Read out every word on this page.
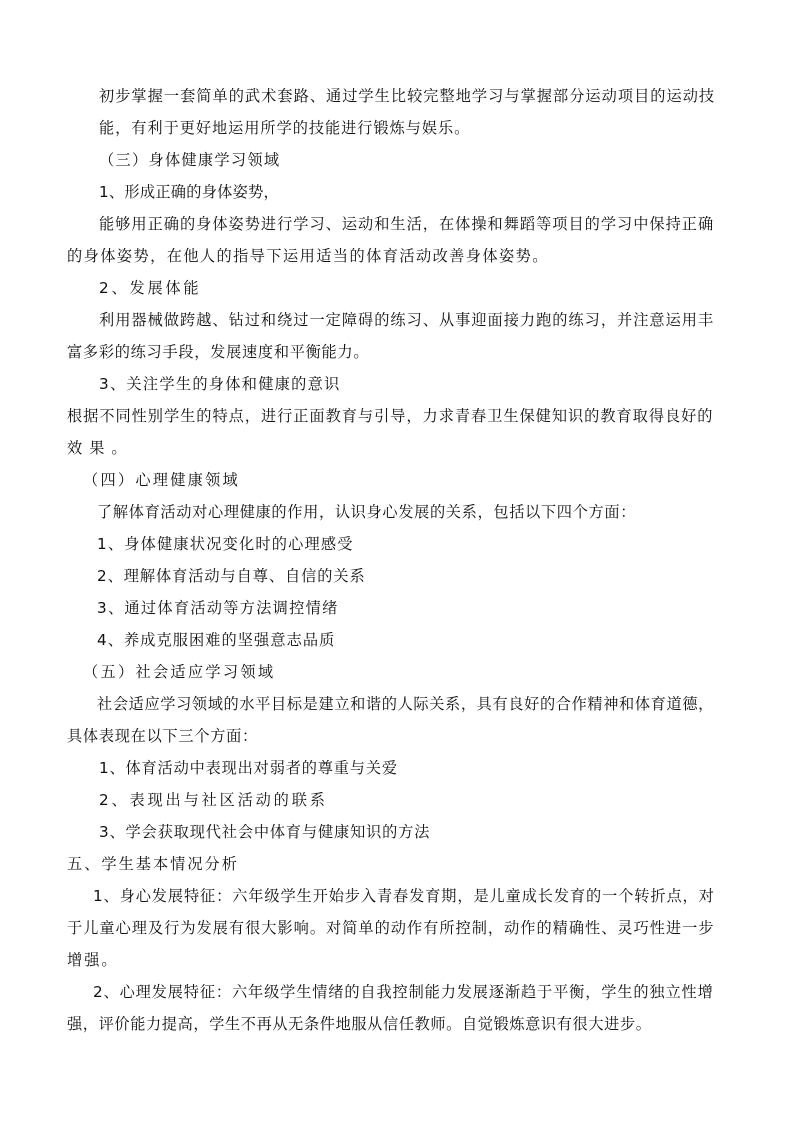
初步掌握一套简单的武术套路、通过学生比较完整地学习与掌握部分运动项目的运动技
能，有利于更好地运用所学的技能进行锻炼与娱乐。
（三）身体健康学习领域
1、形成正确的身体姿势，
能够用正确的身体姿势进行学习、运动和生活，在体操和舞蹈等项目的学习中保持正确
的身体姿势，在他人的指导下运用适当的体育活动改善身体姿势。
2、发展体能
利用器械做跨越、钻过和绕过一定障碍的练习、从事迎面接力跑的练习，并注意运用丰
富多彩的练习手段，发展速度和平衡能力。
3、关注学生的身体和健康的意识
根据不同性别学生的特点，进行正面教育与引导，力求青春卫生保健知识的教育取得良好的
效果。
（四）心理健康领域
了解体育活动对心理健康的作用，认识身心发展的关系，包括以下四个方面：
1、身体健康状况变化时的心理感受
2、理解体育活动与自尊、自信的关系
3、通过体育活动等方法调控情绪
4、养成克服困难的坚强意志品质
（五）社会适应学习领域
社会适应学习领域的水平目标是建立和谐的人际关系，具有良好的合作精神和体育道德，
具体表现在以下三个方面：
1、体育活动中表现出对弱者的尊重与关爱
2、表现出与社区活动的联系
3、学会获取现代社会中体育与健康知识的方法
五、学生基本情况分析
1、身心发展特征：六年级学生开始步入青春发育期，是儿童成长发育的一个转折点，对
于儿童心理及行为发展有很大影响。对简单的动作有所控制，动作的精确性、灵巧性进一步
增强。
2、心理发展特征：六年级学生情绪的自我控制能力发展逐渐趋于平衡，学生的独立性增
强，评价能力提高，学生不再从无条件地服从信任教师。自觉锻炼意识有很大进步。
